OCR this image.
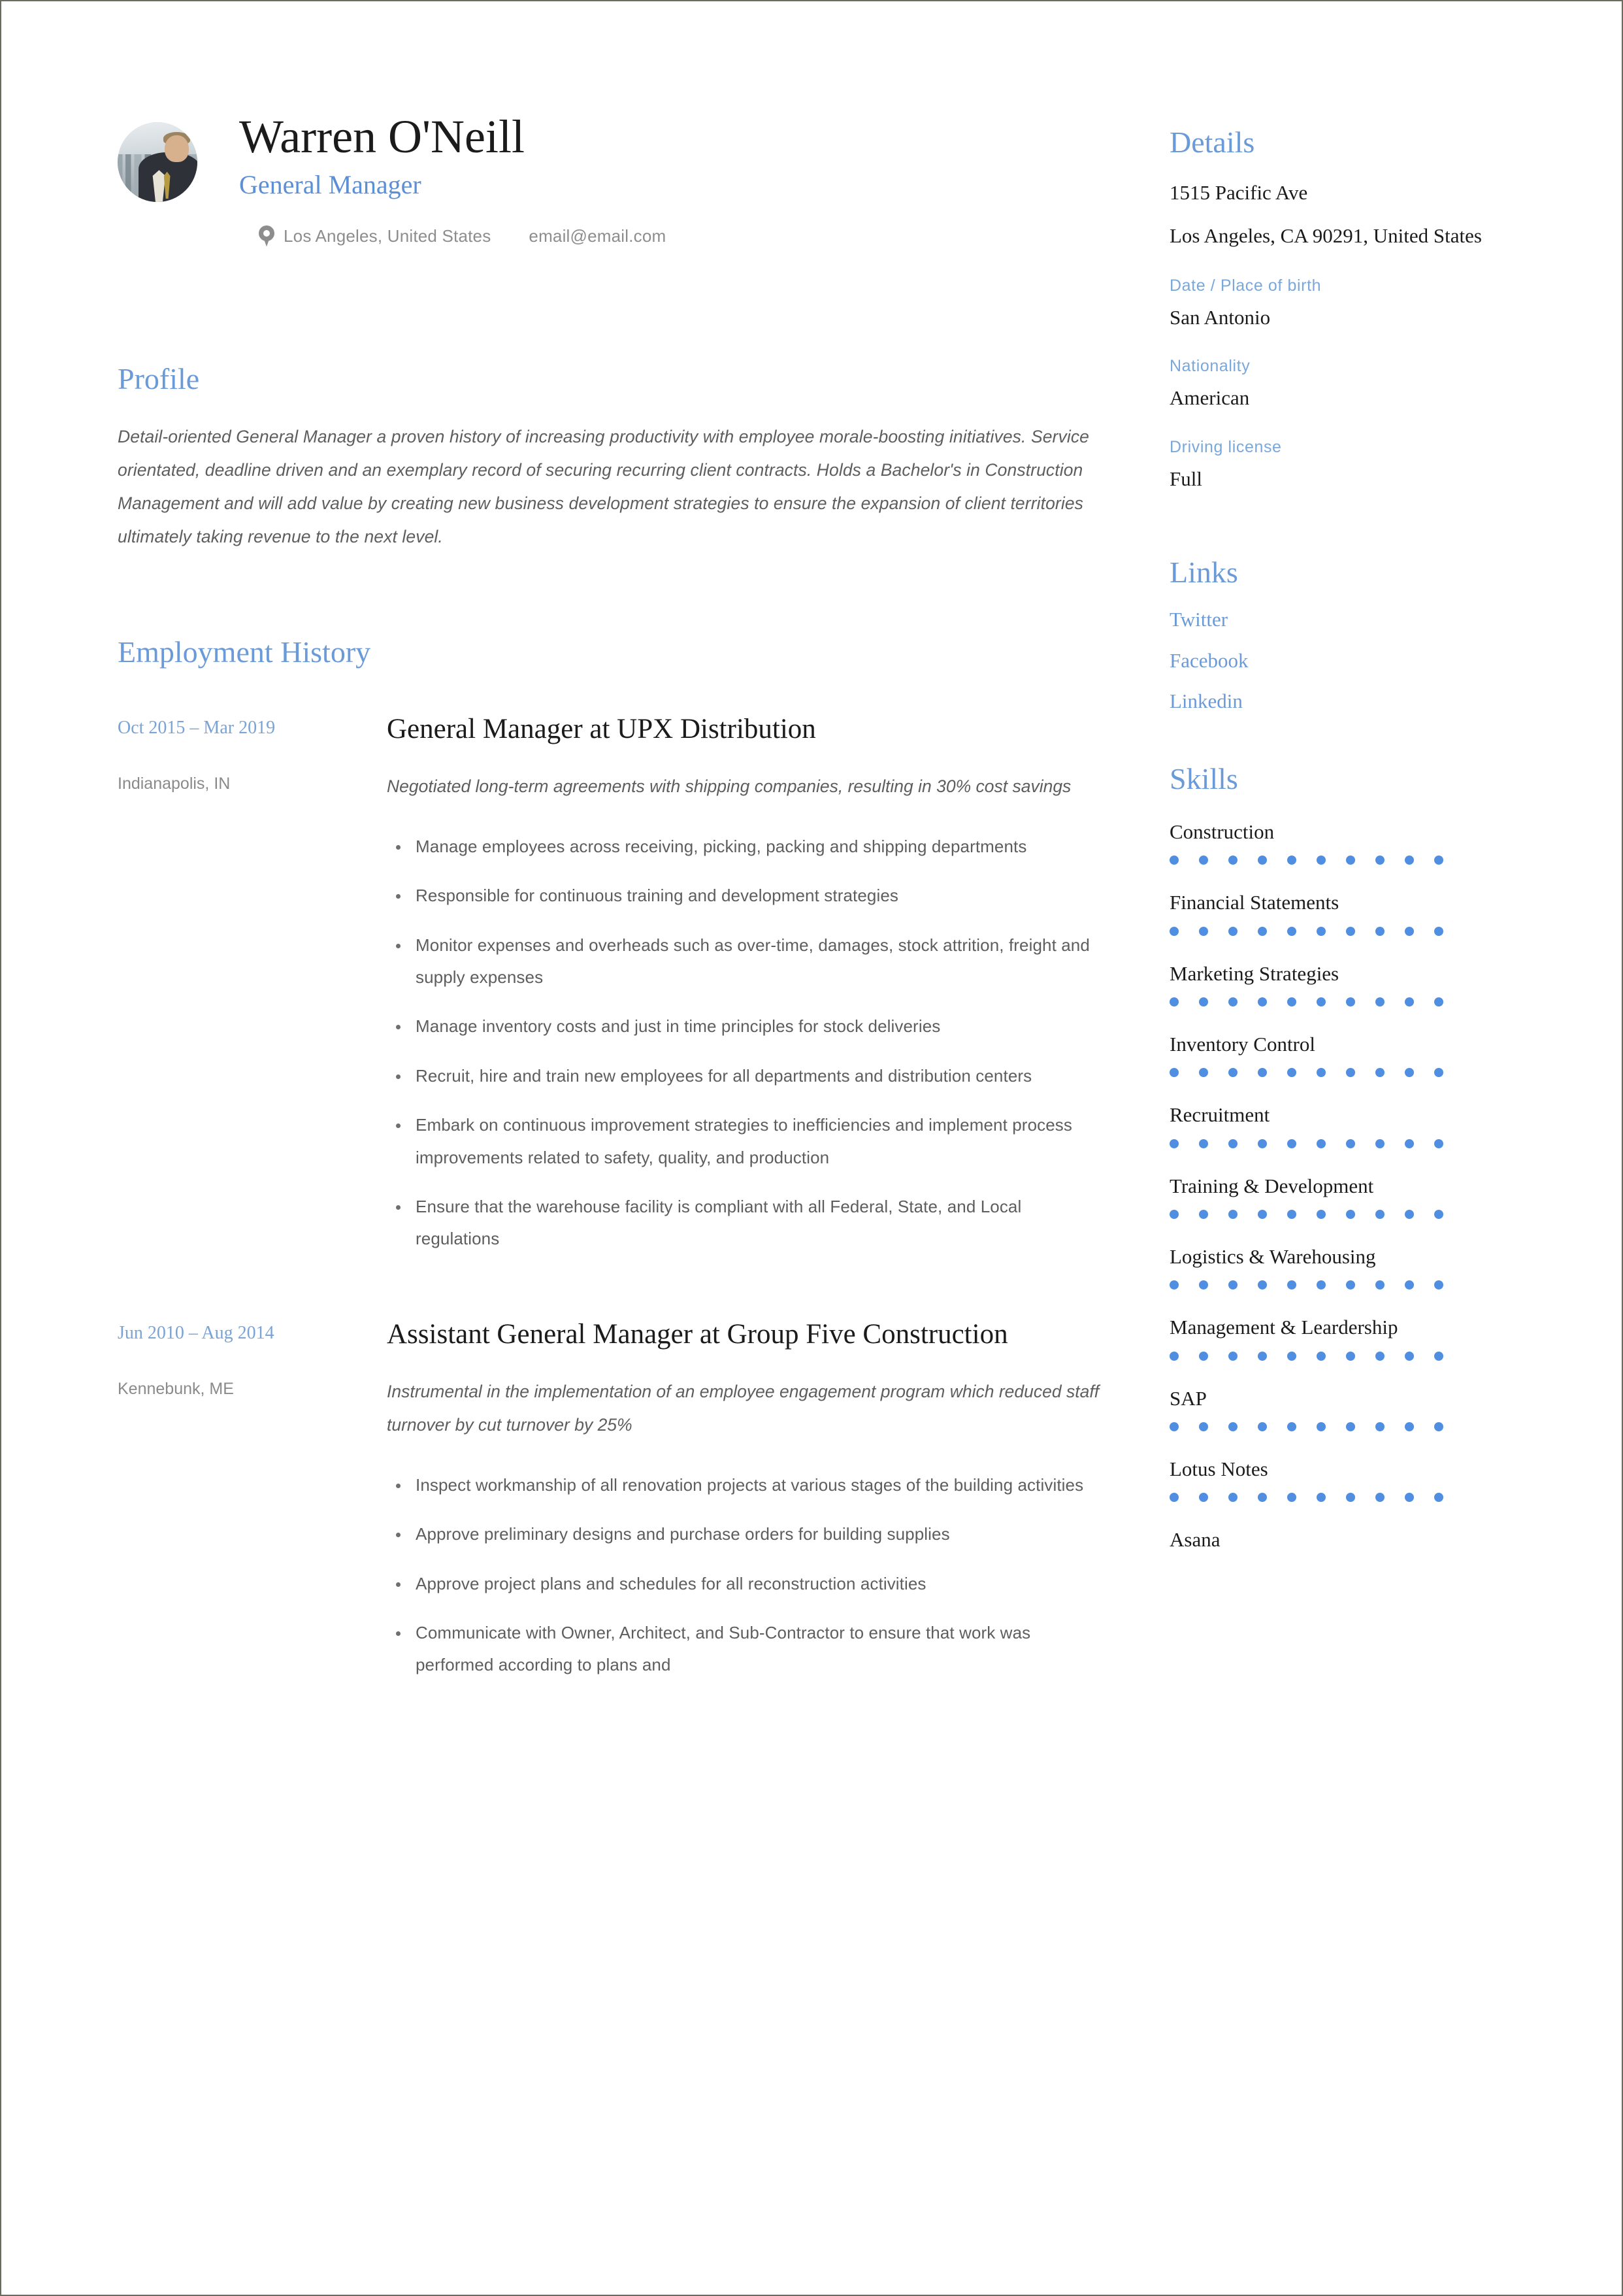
Warren O'Neill
General Manager
Los Angeles, United States email@email.com
Profile
Detail-oriented General Manager a proven history of increasing productivity with employee morale-boosting initiatives. Service orientated, deadline driven and an exemplary record of securing recurring client contracts. Holds a Bachelor's in Construction Management and will add value by creating new business development strategies to ensure the expansion of client territories ultimately taking revenue to the next level.
Employment History
Oct 2015 – Mar 2019
Indianapolis, IN
General Manager at UPX Distribution
Negotiated long-term agreements with shipping companies, resulting in 30% cost savings
Manage employees across receiving, picking, packing and shipping departments
Responsible for continuous training and development strategies
Monitor expenses and overheads such as over-time, damages, stock attrition, freight and supply expenses
Manage inventory costs and just in time principles for stock deliveries
Recruit, hire and train new employees for all departments and distribution centers
Embark on continuous improvement strategies to inefficiencies and implement process improvements related to safety, quality, and production
Ensure that the warehouse facility is compliant with all Federal, State, and Local regulations
Jun 2010 – Aug 2014
Kennebunk, ME
Assistant General Manager at Group Five Construction
Instrumental in the implementation of an employee engagement program which reduced staff turnover by cut turnover by 25%
Inspect workmanship of all renovation projects at various stages of the building activities
Approve preliminary designs and purchase orders for building supplies
Approve project plans and schedules for all reconstruction activities
Communicate with Owner, Architect, and Sub-Contractor to ensure that work was performed according to plans and
Details
1515 Pacific Ave
Los Angeles, CA 90291, United States
Date / Place of birth
San Antonio
Nationality
American
Driving license
Full
Links
Twitter
Facebook
Linkedin
Skills
Construction
Financial Statements
Marketing Strategies
Inventory Control
Recruitment
Training & Development
Logistics & Warehousing
Management & Leardership
SAP
Lotus Notes
Asana
